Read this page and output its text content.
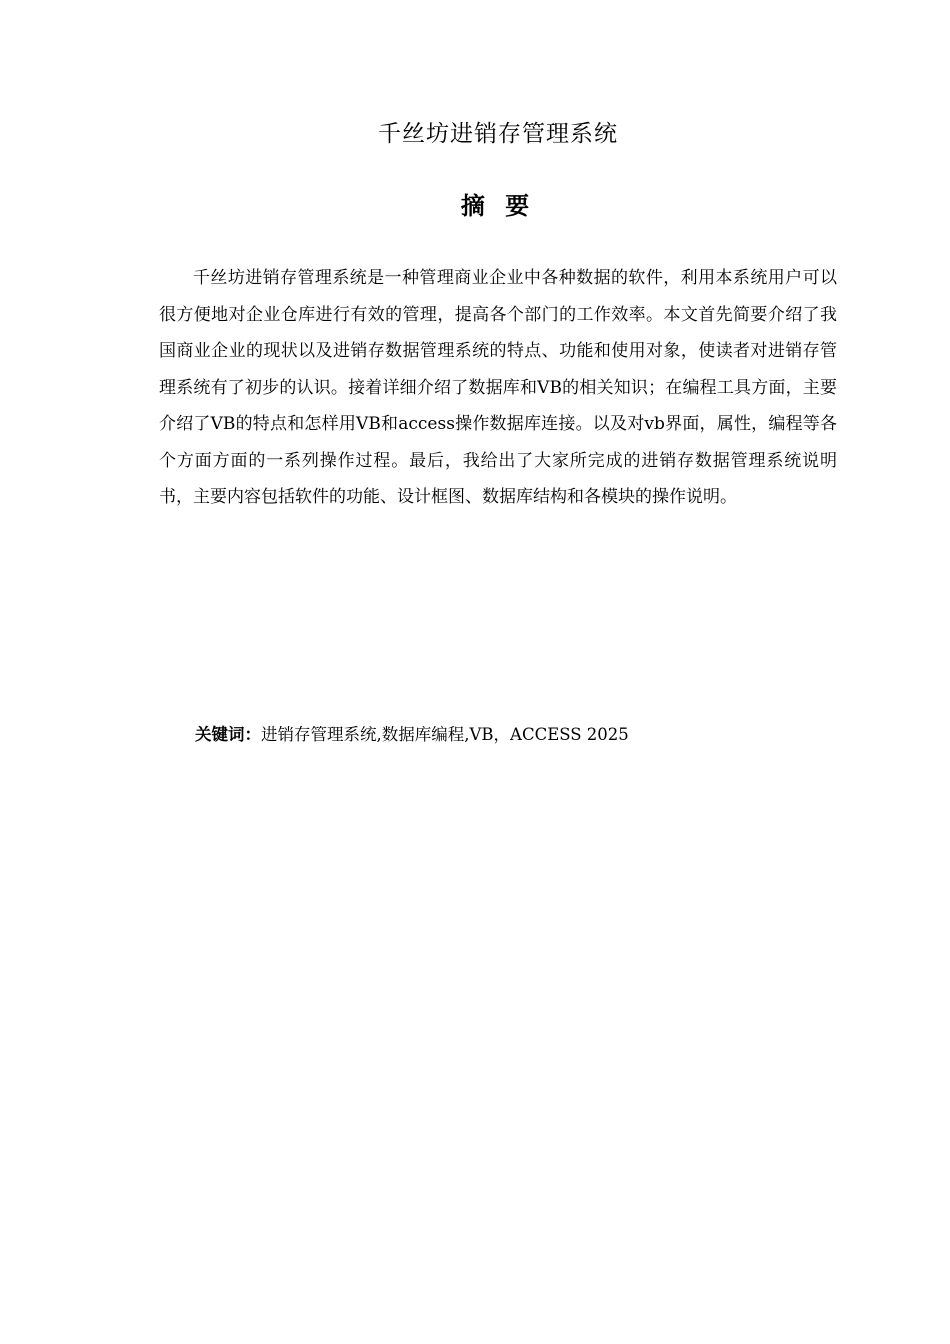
千丝坊进销存管理系统
摘 要

千丝坊进销存管理系统是一种管理商业企业中各种数据的软件，利用本系统用户可以很方便地对企业仓库进行有效的管理，提高各个部门的工作效率。本文首先简要介绍了我国商业企业的现状以及进销存数据管理系统的特点、功能和使用对象，使读者对进销存管理系统有了初步的认识。接着详细介绍了数据库和VB的相关知识；在编程工具方面，主要介绍了VB的特点和怎样用VB和access操作数据库连接。以及对vb界面，属性，编程等各个方面方面的一系列操作过程。最后，我给出了大家所完成的进销存数据管理系统说明书，主要内容包括软件的功能、设计框图、数据库结构和各模块的操作说明。

关键词：进销存管理系统,数据库编程,VB，ACCESS 2025
